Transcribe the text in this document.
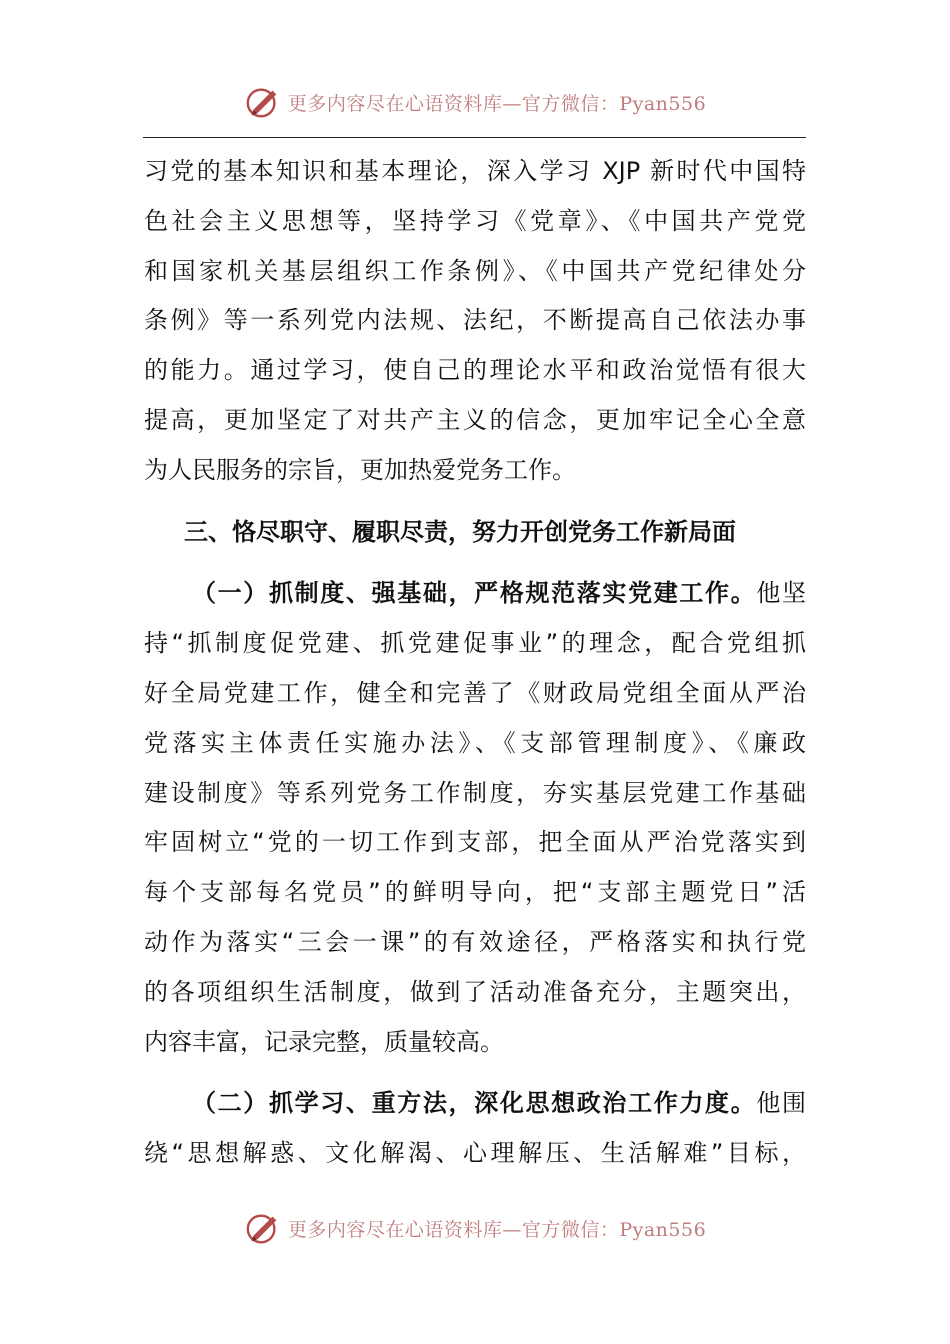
更多内容尽在心语资料库—官方微信：Pyan556
习党的基本知识和基本理论，深入学习 XJP 新时代中国特
色社会主义思想等，坚持学习《党章》、《中国共产党党
和国家机关基层组织工作条例》、《中国共产党纪律处分
条例》等一系列党内法规、法纪，不断提高自己依法办事
的能力。通过学习，使自己的理论水平和政治觉悟有很大
提高，更加坚定了对共产主义的信念，更加牢记全心全意
为人民服务的宗旨，更加热爱党务工作。
三、恪尽职守、履职尽责，努力开创党务工作新局面
（一）抓制度、强基础，严格规范落实党建工作。他坚
持“抓制度促党建、抓党建促事业”的理念，配合党组抓
好全局党建工作，健全和完善了《财政局党组全面从严治
党落实主体责任实施办法》、《支部管理制度》、《廉政
建设制度》等系列党务工作制度，夯实基层党建工作基础
牢固树立“党的一切工作到支部，把全面从严治党落实到
每个支部每名党员”的鲜明导向，把“支部主题党日”活
动作为落实“三会一课”的有效途径，严格落实和执行党
的各项组织生活制度，做到了活动准备充分，主题突出，
内容丰富，记录完整，质量较高。
（二）抓学习、重方法，深化思想政治工作力度。他围
绕“思想解惑、文化解渴、心理解压、生活解难”目标，
更多内容尽在心语资料库—官方微信：Pyan556
